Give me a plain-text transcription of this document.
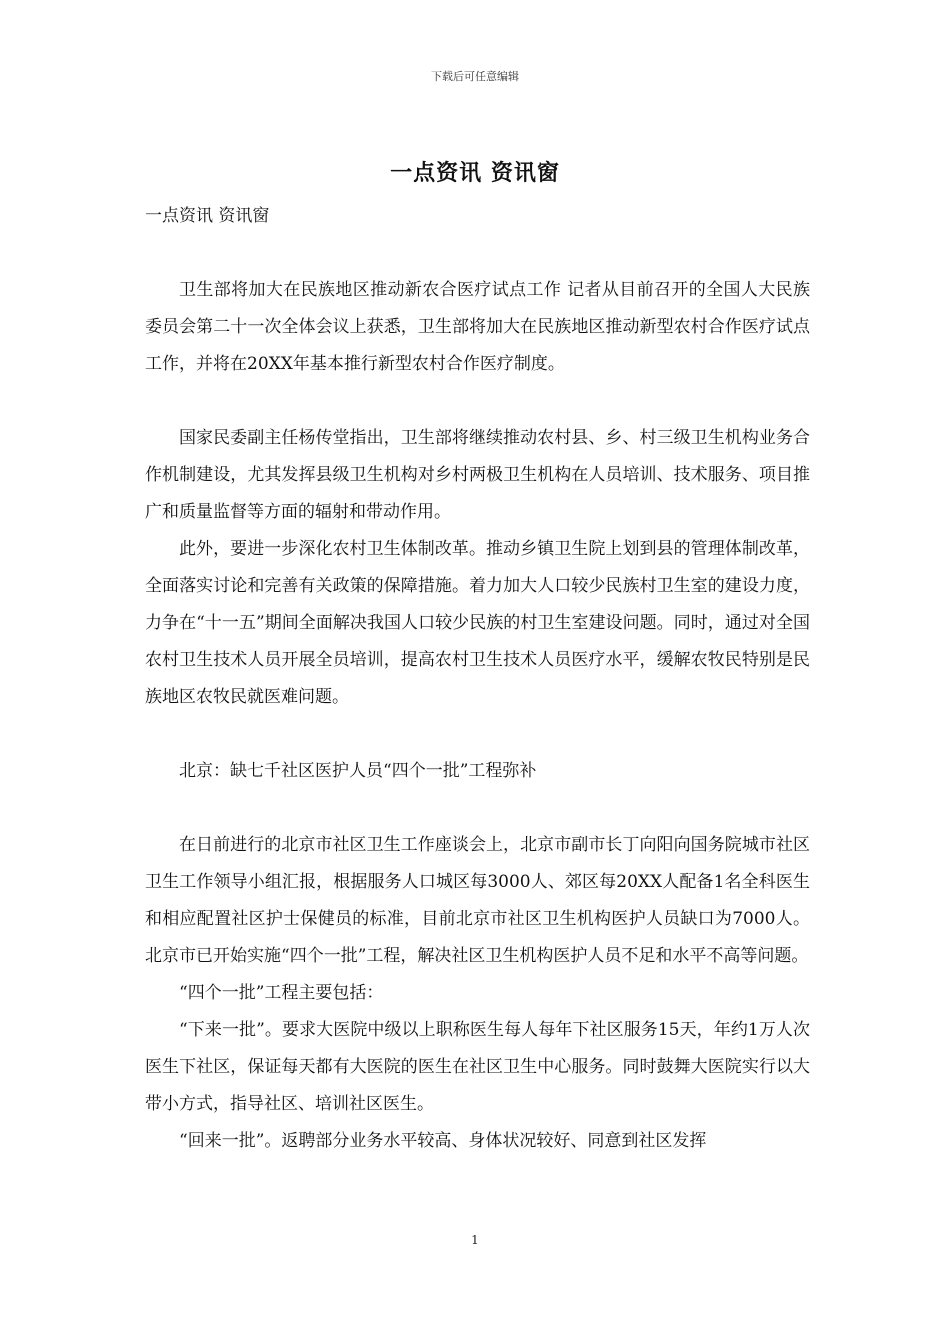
下载后可任意编辑
一点资讯 资讯窗

一点资讯 资讯窗

卫生部将加大在民族地区推动新农合医疗试点工作 记者从目前召开的全国人大民族委员会第二十一次全体会议上获悉，卫生部将加大在民族地区推动新型农村合作医疗试点工作，并将在20XX年基本推行新型农村合作医疗制度。

国家民委副主任杨传堂指出，卫生部将继续推动农村县、乡、村三级卫生机构业务合作机制建设，尤其发挥县级卫生机构对乡村两极卫生机构在人员培训、技术服务、项目推广和质量监督等方面的辐射和带动作用。

此外，要进一步深化农村卫生体制改革。推动乡镇卫生院上划到县的管理体制改革，全面落实讨论和完善有关政策的保障措施。着力加大人口较少民族村卫生室的建设力度，力争在“十一五”期间全面解决我国人口较少民族的村卫生室建设问题。同时，通过对全国农村卫生技术人员开展全员培训，提高农村卫生技术人员医疗水平，缓解农牧民特别是民族地区农牧民就医难问题。

北京：缺七千社区医护人员“四个一批”工程弥补

在日前进行的北京市社区卫生工作座谈会上，北京市副市长丁向阳向国务院城市社区卫生工作领导小组汇报，根据服务人口城区每3000人、郊区每20XX人配备1名全科医生和相应配置社区护士保健员的标准，目前北京市社区卫生机构医护人员缺口为7000人。北京市已开始实施“四个一批”工程，解决社区卫生机构医护人员不足和水平不高等问题。

“四个一批”工程主要包括：

“下来一批”。要求大医院中级以上职称医生每人每年下社区服务15天，年约1万人次医生下社区，保证每天都有大医院的医生在社区卫生中心服务。同时鼓舞大医院实行以大带小方式，指导社区、培训社区医生。

“回来一批”。返聘部分业务水平较高、身体状况较好、同意到社区发挥

1
